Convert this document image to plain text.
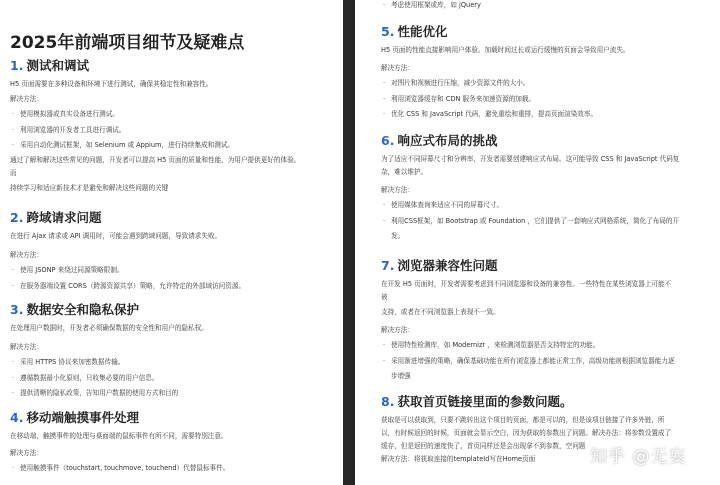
2025年前端项目细节及疑难点
1. 测试和调试

H5 页面需要在多种设备和环境下进行测试，确保其稳定性和兼容性。

解决方法：
· 使用模拟器或真实设备进行测试。
· 利用浏览器的开发者工具进行调试。
· 采用自动化测试框架，如 Selenium 或 Appium，进行持续集成和测试。

通过了解和解决这些常见的问题，开发者可以提高 H5 页面的质量和性能，为用户提供更好的体验。

而

持续学习和适应新技术才是避免和解决这些问题的关键

2. 跨域请求问题

在进行 Ajax 请求或 API 调用时，可能会遇到跨域问题，导致请求失败。

解决方法：
· 使用 JSONP 来绕过同源策略限制。
· 在服务器端设置 CORS（跨源资源共享）策略，允许特定的外部域访问资源。
3. 数据安全和隐私保护

在处理用户数据时，开发者必须确保数据的安全性和用户的隐私权。

解决方法：
· 采用 HTTPS 协议来加密数据传输。
· 遵循数据最小化原则，只收集必要的用户信息。
· 提供清晰的隐私政策，告知用户数据的使用方式和目的
4. 移动端触摸事件处理

在移动端，触摸事件的处理与桌面端的鼠标事件有所不同，需要特别注意。

解决方法：
· 使用触摸事件（touchstart, touchmove, touchend）代替鼠标事件。
· 考虑使用框架或库，如 jQuery
5. 性能优化

H5 页面的性能直接影响用户体验。加载时间过长或运行缓慢的页面会导致用户流失。

解决方法：
· 对图片和视频进行压缩，减少资源文件的大小。
· 利用浏览器缓存和 CDN 服务来加速资源的加载。
· 优化 CSS 和 JavaScript 代码，避免重绘和重排，提高页面渲染效率。
6. 响应式布局的挑战

为了适应不同屏幕尺寸和分辨率，开发者需要创建响应式布局。这可能导致 CSS 和 JavaScript 代码复

杂，难以维护。

解决方法：
· 使用媒体查询来适应不同的屏幕尺寸。
· 利用CSS框架，如 Bootstrap 或 Foundation ，它们提供了一套响应式网格系统，简化了布局的开

发。

7. 浏览器兼容性问题

在开发 H5 页面时，开发者需要考虑到不同浏览器和设备的兼容性。一些特性在某些浏览器上可能不

被

支持，或者在不同浏览器上表现不一致。

解决方法：
· 使用特性检测库，如 Modernizr ，来检测浏览器是否支持特定的功能。
· 采用渐进增强的策略，确保基础功能在所有浏览器上都能正常工作，高级功能则根据浏览器能力逐

步增强

8. 获取首页链接里面的参数问题。

获取是可以获取到，只要不跳转出这个项目的页面，都是可以的，但是该项目链接了许多外链，所

以，有时候返回的时候，页面就会显示空白，因为获取的参数出了问题。解决办法：将参数设置成了

缓存，但是返回的速度快了，首页同样还是会出现拿不到参数，空问题

解决方法：将获取连接的templateId写在Home页面	知乎 @无妄
